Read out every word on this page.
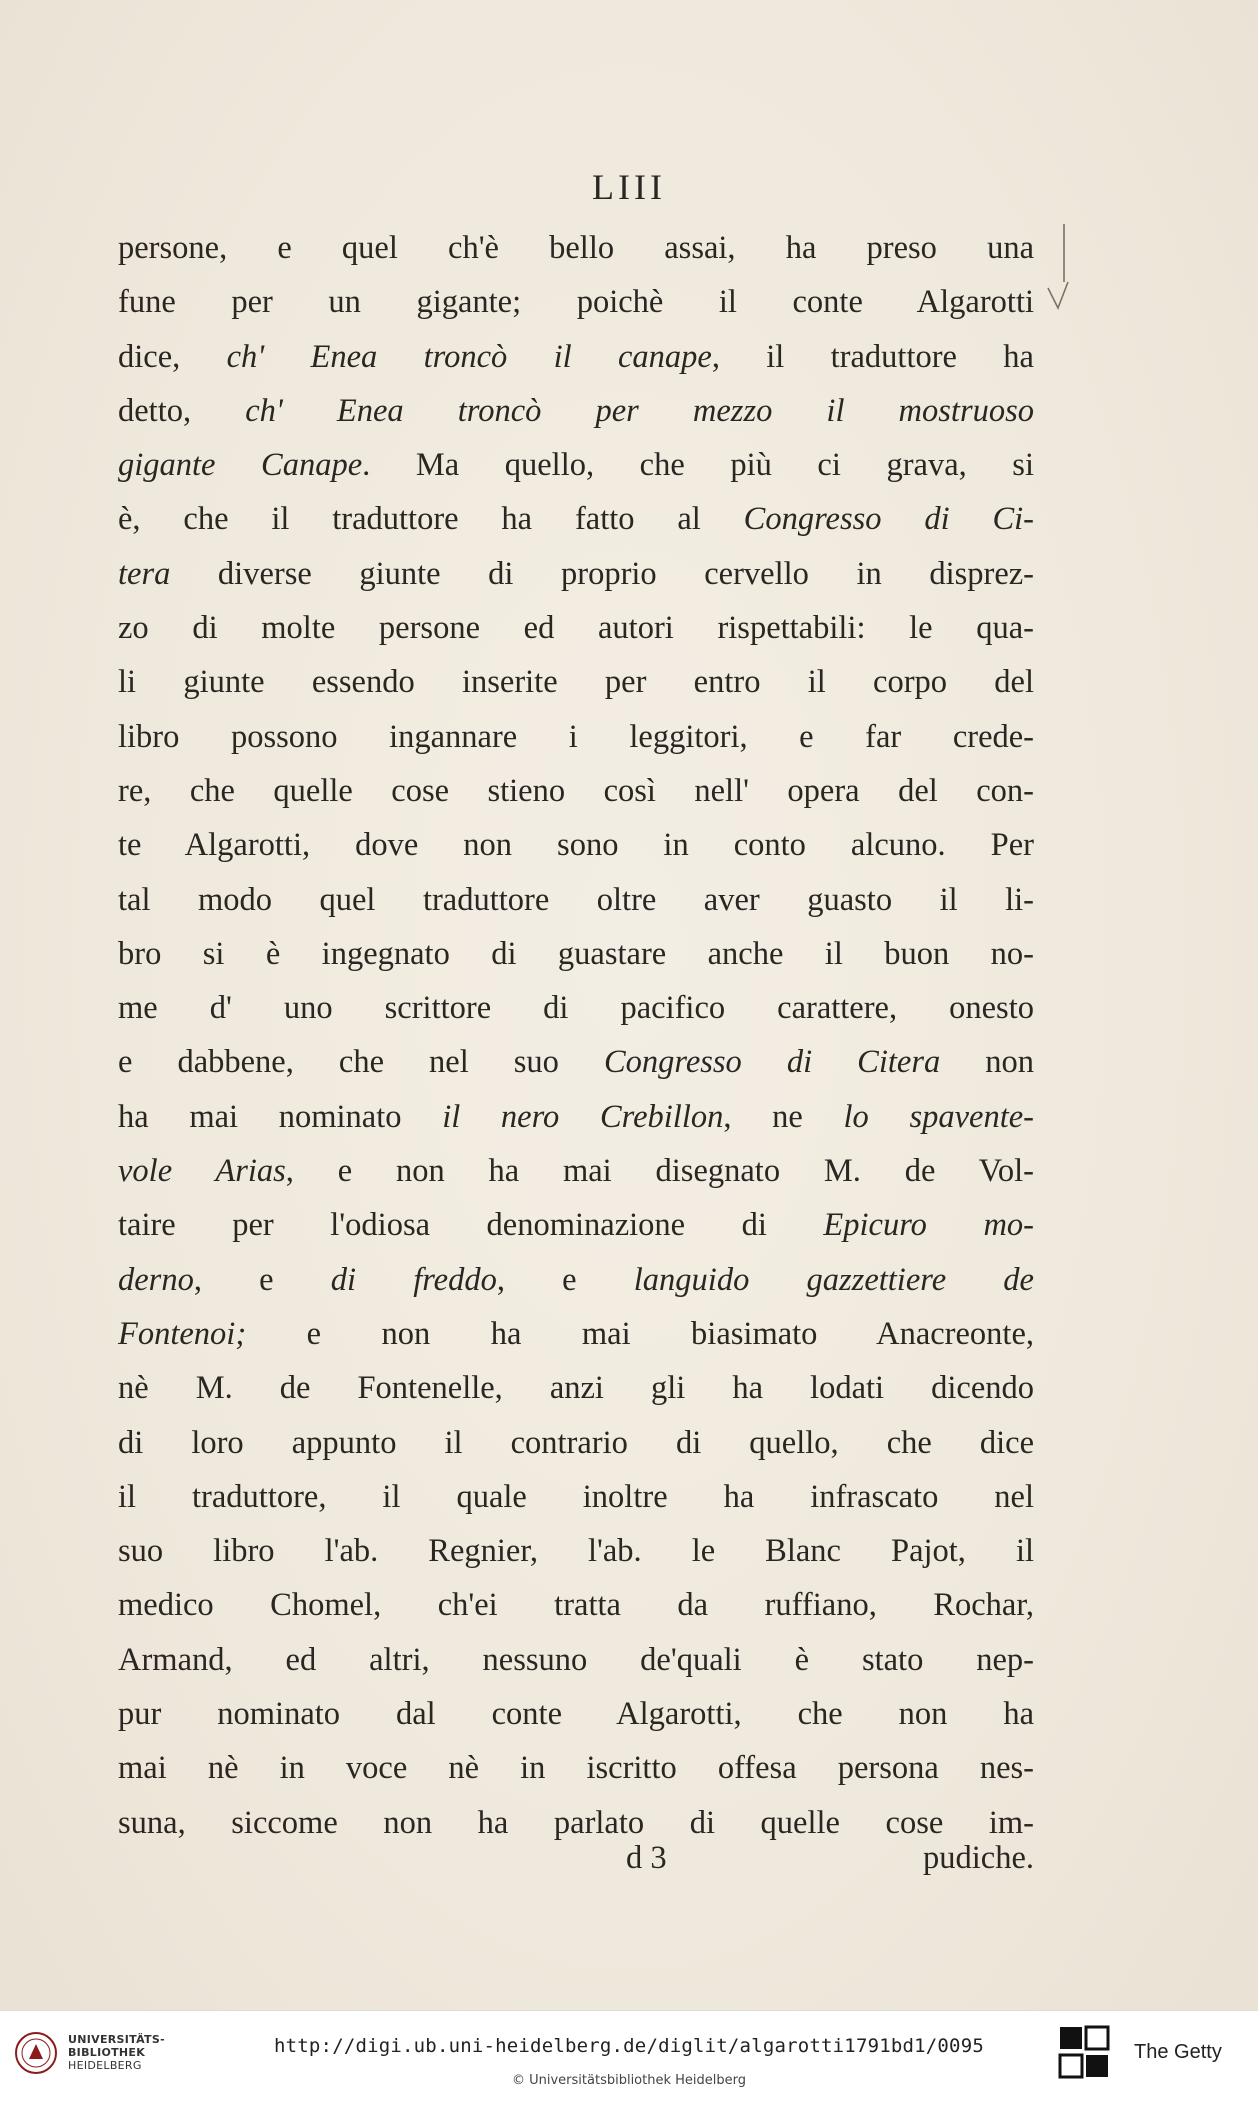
LIII
persone, e quel ch'è bello assai, ha preso una
fune per un gigante; poichè il conte Algarotti
dice, ch' Enea troncò il canape, il traduttore ha
detto, ch' Enea troncò per mezzo il mostruoso
gigante Canape. Ma quello, che più ci grava, si
è, che il traduttore ha fatto al Congresso di Ci-
tera diverse giunte di proprio cervello in disprez-
zo di molte persone ed autori rispettabili: le qua-
li giunte essendo inserite per entro il corpo del
libro possono ingannare i leggitori, e far crede-
re, che quelle cose stieno così nell' opera del con-
te Algarotti, dove non sono in conto alcuno. Per
tal modo quel traduttore oltre aver guasto il li-
bro si è ingegnato di guastare anche il buon no-
me d' uno scrittore di pacifico carattere, onesto
e dabbene, che nel suo Congresso di Citera non
ha mai nominato il nero Crebillon, ne lo spavente-
vole Arias, e non ha mai disegnato M. de Vol-
taire per l'odiosa denominazione di Epicuro mo-
derno, e di freddo, e languido gazzettiere de
Fontenoi; e non ha mai biasimato Anacreonte,
nè M. de Fontenelle, anzi gli ha lodati dicendo
di loro appunto il contrario di quello, che dice
il traduttore, il quale inoltre ha infrascato nel
suo libro l'ab. Regnier, l'ab. le Blanc Pajot, il
medico Chomel, ch'ei tratta da ruffiano, Rochar,
Armand, ed altri, nessuno de'quali è stato nep-
pur nominato dal conte Algarotti, che non ha
mai nè in voce nè in iscritto offesa persona nes-
suna, siccome non ha parlato di quelle cose im-
d 3	pudiche.
UNIVERSITÄTS-
BIBLIOTHEK
HEIDELBERG
http://digi.ub.uni-heidelberg.de/diglit/algarotti1791bd1/0095
© Universitätsbibliothek Heidelberg
The Getty
